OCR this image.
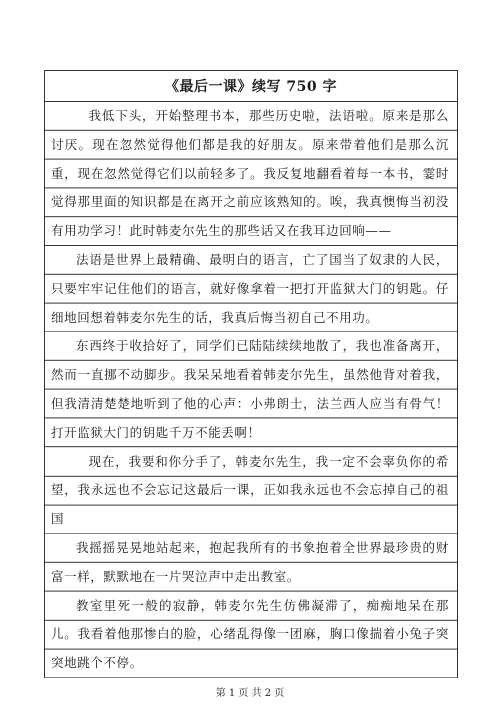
《最后一课》续写 750 字
我低下头，开始整理书本，那些历史啦，法语啦。原来是那么讨厌。现在忽然觉得他们都是我的好朋友。原来带着他们是那么沉重，现在忽然觉得它们以前轻多了。我反复地翻看着每一本书，霎时觉得那里面的知识都是在离开之前应该熟知的。唉，我真懊悔当初没有用功学习！此时韩麦尔先生的那些话又在我耳边回响——
法语是世界上最精确、最明白的语言，亡了国当了奴隶的人民，只要牢牢记住他们的语言，就好像拿着一把打开监狱大门的钥匙。仔细地回想着韩麦尔先生的话，我真后悔当初自己不用功。
东西终于收拾好了，同学们已陆陆续续地散了，我也准备离开，然而一直挪不动脚步。我呆呆地看着韩麦尔先生，虽然他背对着我，但我清清楚楚地听到了他的心声：小弗朗士，法兰西人应当有骨气！打开监狱大门的钥匙千万不能丢啊！
现在，我要和你分手了，韩麦尔先生，我一定不会辜负你的希望，我永远也不会忘记这最后一课，正如我永远也不会忘掉自己的祖国
我摇摇晃晃地站起来，抱起我所有的书象抱着全世界最珍贵的财富一样，默默地在一片哭泣声中走出教室。
教室里死一般的寂静，韩麦尔先生仿佛凝滞了，痴痴地呆在那儿。我看着他那惨白的脸，心绪乱得像一团麻，胸口像揣着小兔子突突地跳个不停。
第 1 页 共 2 页
